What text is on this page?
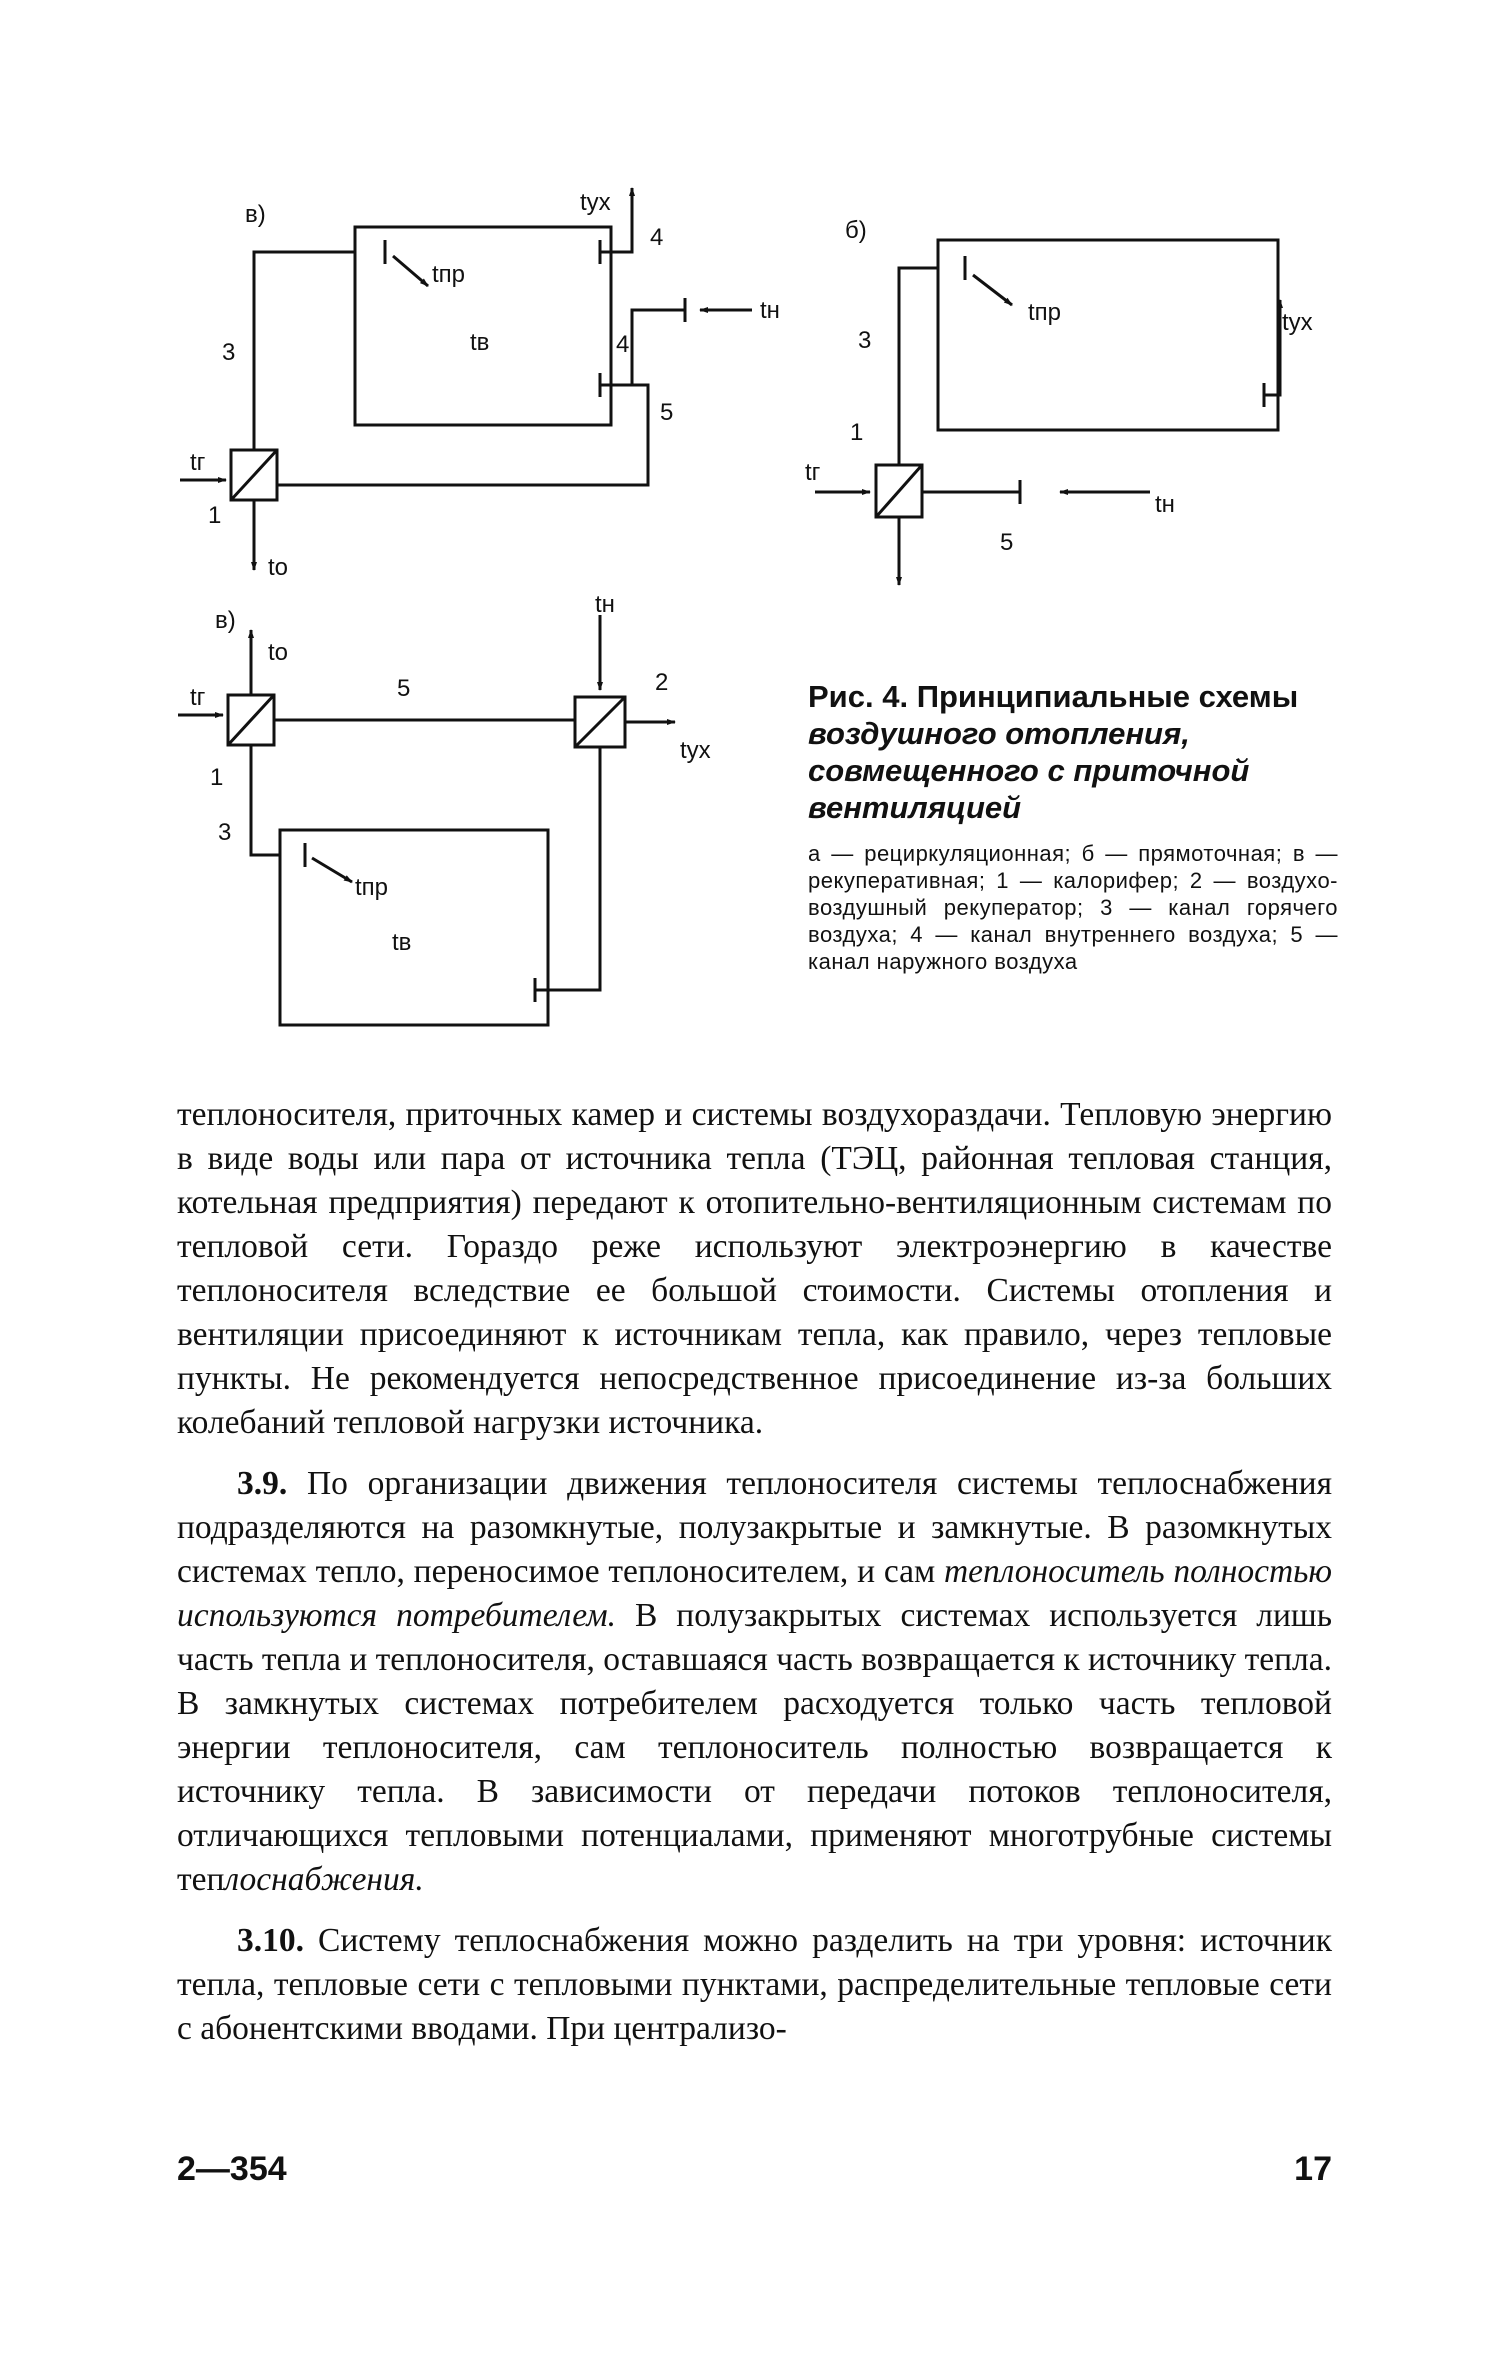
в)	tух
4
tпр
tв
tн
3	4
5
tг
1
tо
б)
tпр	tух
3
1
tг
tн
5
в)
tо
tн
tг	5	2
tух
1
3
tпр
tв

Рис. 4. Принципиальные схемы воздушного отопления, совмещенного с приточной вентиляцией

а — рециркуляционная; б — прямоточная; в — рекуперативная; 1 — калорифер; 2 — воздухо-воздушный рекуператор; 3 — канал горячего воздуха; 4 — канал внутреннего воздуха; 5 — канал наружного воздуха

теплоносителя, приточных камер и системы воздухораздачи. Тепловую энергию в виде воды или пара от источника тепла (ТЭЦ, районная тепловая станция, котельная предприятия) передают к отопительно-вентиляционным системам по тепловой сети. Гораздо реже используют электроэнергию в качестве теплоносителя вследствие ее большой стоимости. Системы отопления и вентиляции присоединяют к источникам тепла, как правило, через тепловые пункты. Не рекомендуется непосредственное присоединение из-за больших колебаний тепловой нагрузки источника.

3.9. По организации движения теплоносителя системы теплоснабжения подразделяются на разомкнутые, полузакрытые и замкнутые. В разомкнутых системах тепло, переносимое теплоносителем, и сам теплоноситель полностью используются потребителем. В полузакрытых системах используется лишь часть тепла и теплоносителя, оставшаяся часть возвращается к источнику тепла. В замкнутых системах потребителем расходуется только часть тепловой энергии теплоносителя, сам теплоноситель полностью возвращается к источнику тепла. В зависимости от передачи потоков теплоносителя, отличающихся тепловыми потенциалами, применяют многотрубные системы теплоснабжения.

3.10. Систему теплоснабжения можно разделить на три уровня: источник тепла, тепловые сети с тепловыми пунктами, распределительные тепловые сети с абонентскими вводами. При централизо-

2—354	17
